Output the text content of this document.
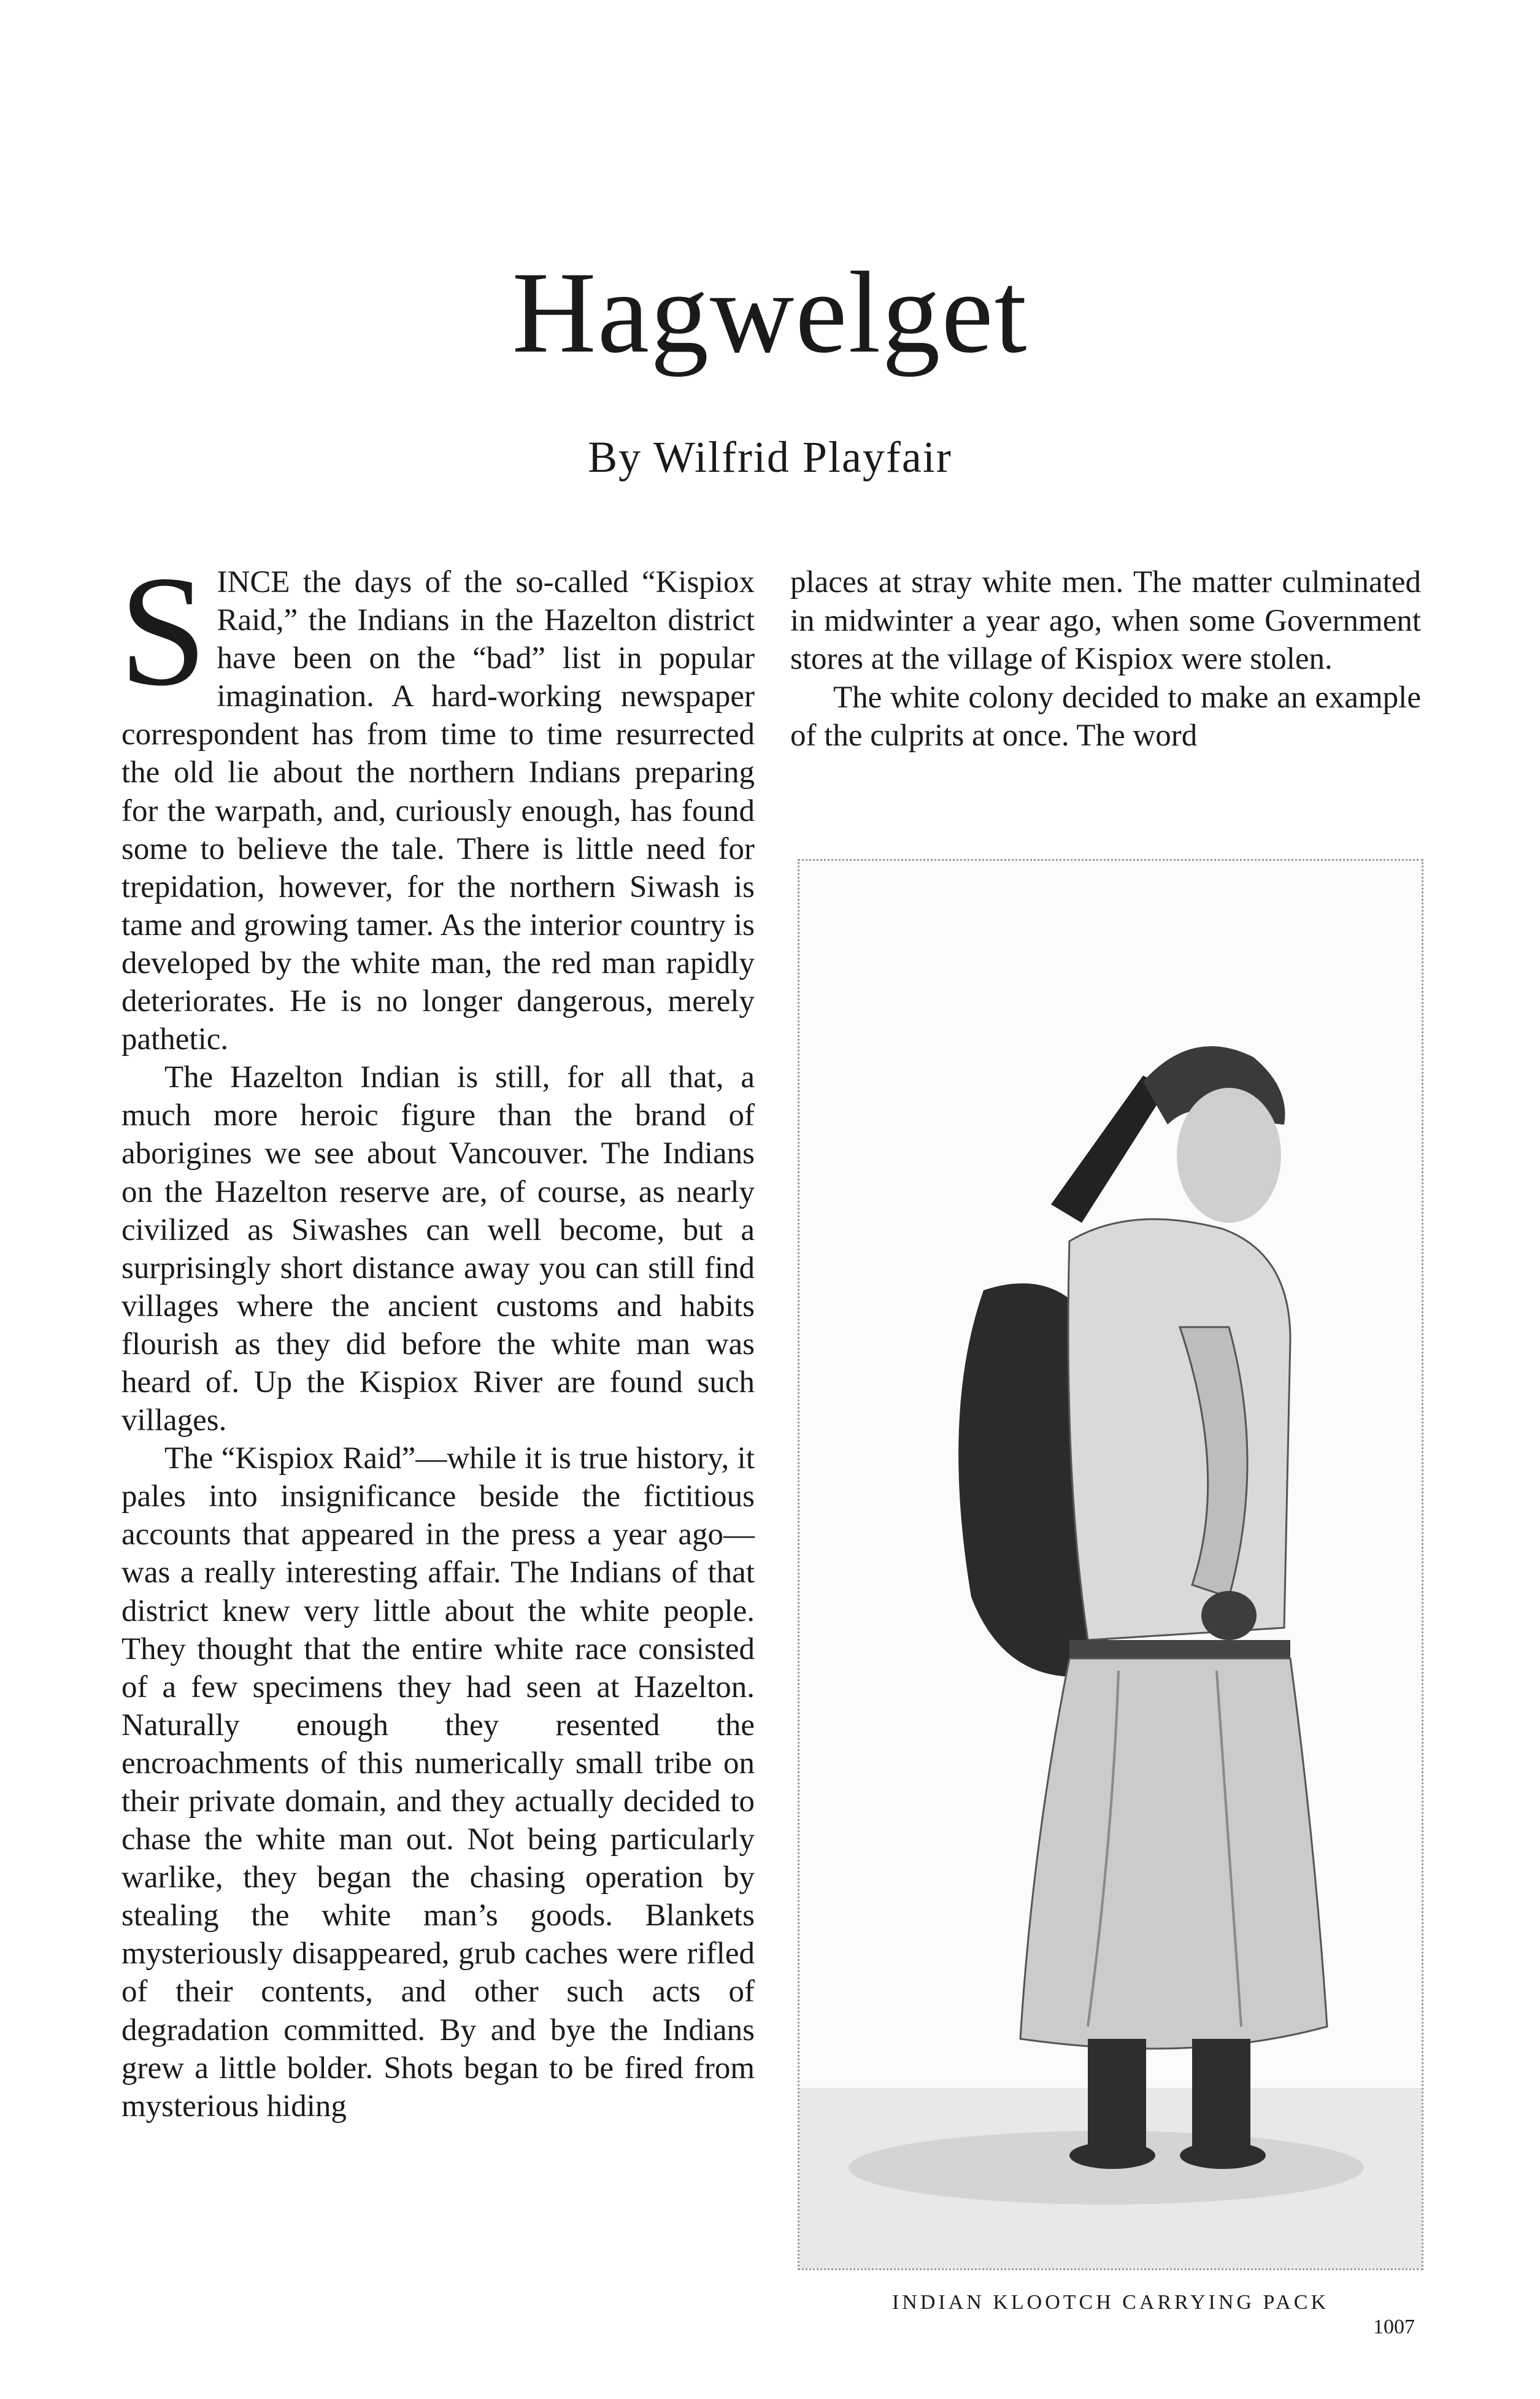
Hagwelget
By Wilfrid Playfair

SINCE the days of the so-called “Kispiox Raid,” the Indians in the Hazelton district have been on the “bad” list in popular imagination. A hard-working newspaper correspondent has from time to time resurrected the old lie about the northern Indians preparing for the warpath, and, curiously enough, has found some to believe the tale. There is little need for trepidation, however, for the northern Siwash is tame and growing tamer. As the interior country is developed by the white man, the red man rapidly deteriorates. He is no longer dangerous, merely pathetic.

The Hazelton Indian is still, for all that, a much more heroic figure than the brand of aborigines we see about Vancouver. The Indians on the Hazelton reserve are, of course, as nearly civilized as Siwashes can well become, but a surprisingly short distance away you can still find villages where the ancient customs and habits flourish as they did before the white man was heard of. Up the Kispiox River are found such villages.

The “Kispiox Raid”—while it is true history, it pales into insignificance beside the fictitious accounts that appeared in the press a year ago—was a really interesting affair. The Indians of that district knew very little about the white people. They thought that the entire white race consisted of a few specimens they had seen at Hazelton. Naturally enough they resented the encroachments of this numerically small tribe on their private domain, and they actually decided to chase the white man out. Not being particularly warlike, they began the chasing operation by stealing the white man’s goods. Blankets mysteriously disappeared, grub caches were rifled of their contents, and other such acts of degradation committed. By and bye the Indians grew a little bolder. Shots began to be fired from mysterious hiding

places at stray white men. The matter culminated in midwinter a year ago, when some Government stores at the village of Kispiox were stolen.

The white colony decided to make an example of the culprits at once. The word

INDIAN KLOOTCH CARRYING PACK
1007
